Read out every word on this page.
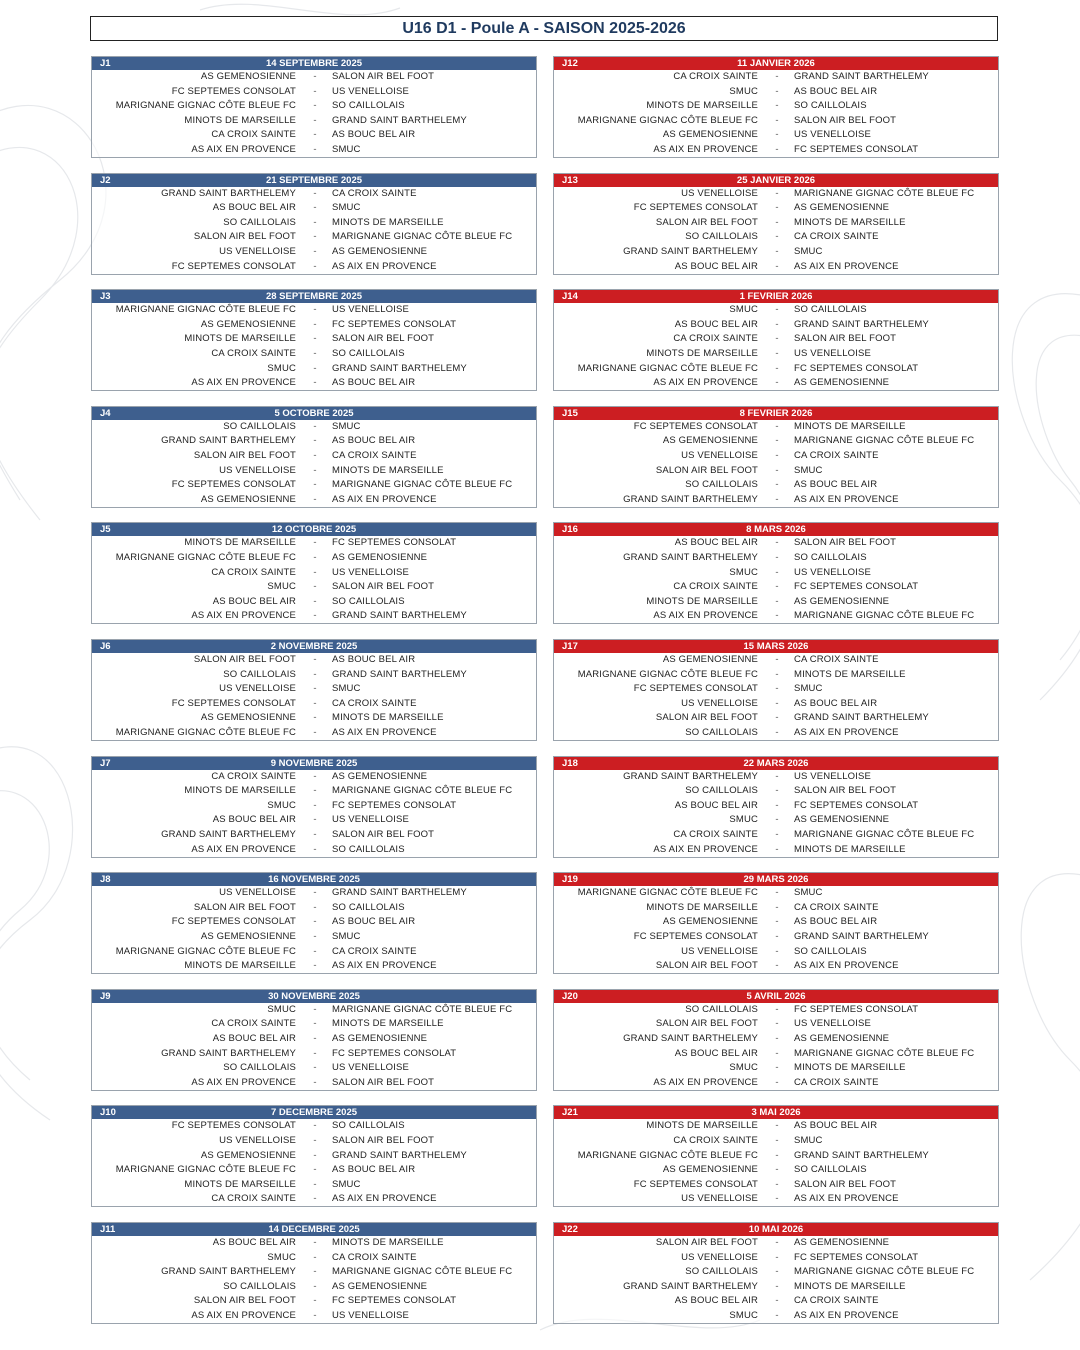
U16 D1 - Poule A - SAISON 2025-2026
14 SEPTEMBRE 2025
J1
AS GEMENOSIENNE	-	SALON AIR BEL FOOT
FC SEPTEMES CONSOLAT	-	US VENELLOISE
MARIGNANE GIGNAC CÔTE BLEUE FC	-	SO CAILLOLAIS
MINOTS DE MARSEILLE	-	GRAND SAINT BARTHELEMY
CA CROIX SAINTE	-	AS BOUC BEL AIR
AS AIX EN PROVENCE	-	SMUC
21 SEPTEMBRE 2025
J2
GRAND SAINT BARTHELEMY	-	CA CROIX SAINTE
AS BOUC BEL AIR	-	SMUC
SO CAILLOLAIS	-	MINOTS DE MARSEILLE
SALON AIR BEL FOOT	-	MARIGNANE GIGNAC CÔTE BLEUE FC
US VENELLOISE	-	AS GEMENOSIENNE
FC SEPTEMES CONSOLAT	-	AS AIX EN PROVENCE
28 SEPTEMBRE 2025
J3
MARIGNANE GIGNAC CÔTE BLEUE FC	-	US VENELLOISE
AS GEMENOSIENNE	-	FC SEPTEMES CONSOLAT
MINOTS DE MARSEILLE	-	SALON AIR BEL FOOT
CA CROIX SAINTE	-	SO CAILLOLAIS
SMUC	-	GRAND SAINT BARTHELEMY
AS AIX EN PROVENCE	-	AS BOUC BEL AIR
5 OCTOBRE 2025
J4
SO CAILLOLAIS	-	SMUC
GRAND SAINT BARTHELEMY	-	AS BOUC BEL AIR
SALON AIR BEL FOOT	-	CA CROIX SAINTE
US VENELLOISE	-	MINOTS DE MARSEILLE
FC SEPTEMES CONSOLAT	-	MARIGNANE GIGNAC CÔTE BLEUE FC
AS GEMENOSIENNE	-	AS AIX EN PROVENCE
12 OCTOBRE 2025
J5
MINOTS DE MARSEILLE	-	FC SEPTEMES CONSOLAT
MARIGNANE GIGNAC CÔTE BLEUE FC	-	AS GEMENOSIENNE
CA CROIX SAINTE	-	US VENELLOISE
SMUC	-	SALON AIR BEL FOOT
AS BOUC BEL AIR	-	SO CAILLOLAIS
AS AIX EN PROVENCE	-	GRAND SAINT BARTHELEMY
2 NOVEMBRE 2025
J6
SALON AIR BEL FOOT	-	AS BOUC BEL AIR
SO CAILLOLAIS	-	GRAND SAINT BARTHELEMY
US VENELLOISE	-	SMUC
FC SEPTEMES CONSOLAT	-	CA CROIX SAINTE
AS GEMENOSIENNE	-	MINOTS DE MARSEILLE
MARIGNANE GIGNAC CÔTE BLEUE FC	-	AS AIX EN PROVENCE
9 NOVEMBRE 2025
J7
CA CROIX SAINTE	-	AS GEMENOSIENNE
MINOTS DE MARSEILLE	-	MARIGNANE GIGNAC CÔTE BLEUE FC
SMUC	-	FC SEPTEMES CONSOLAT
AS BOUC BEL AIR	-	US VENELLOISE
GRAND SAINT BARTHELEMY	-	SALON AIR BEL FOOT
AS AIX EN PROVENCE	-	SO CAILLOLAIS
16 NOVEMBRE 2025
J8
US VENELLOISE	-	GRAND SAINT BARTHELEMY
SALON AIR BEL FOOT	-	SO CAILLOLAIS
FC SEPTEMES CONSOLAT	-	AS BOUC BEL AIR
AS GEMENOSIENNE	-	SMUC
MARIGNANE GIGNAC CÔTE BLEUE FC	-	CA CROIX SAINTE
MINOTS DE MARSEILLE	-	AS AIX EN PROVENCE
30 NOVEMBRE 2025
J9
SMUC	-	MARIGNANE GIGNAC CÔTE BLEUE FC
CA CROIX SAINTE	-	MINOTS DE MARSEILLE
AS BOUC BEL AIR	-	AS GEMENOSIENNE
GRAND SAINT BARTHELEMY	-	FC SEPTEMES CONSOLAT
SO CAILLOLAIS	-	US VENELLOISE
AS AIX EN PROVENCE	-	SALON AIR BEL FOOT
7 DECEMBRE 2025
J10
FC SEPTEMES CONSOLAT	-	SO CAILLOLAIS
US VENELLOISE	-	SALON AIR BEL FOOT
AS GEMENOSIENNE	-	GRAND SAINT BARTHELEMY
MARIGNANE GIGNAC CÔTE BLEUE FC	-	AS BOUC BEL AIR
MINOTS DE MARSEILLE	-	SMUC
CA CROIX SAINTE	-	AS AIX EN PROVENCE
14 DECEMBRE 2025
J11
AS BOUC BEL AIR	-	MINOTS DE MARSEILLE
SMUC	-	CA CROIX SAINTE
GRAND SAINT BARTHELEMY	-	MARIGNANE GIGNAC CÔTE BLEUE FC
SO CAILLOLAIS	-	AS GEMENOSIENNE
SALON AIR BEL FOOT	-	FC SEPTEMES CONSOLAT
AS AIX EN PROVENCE	-	US VENELLOISE
11 JANVIER 2026
J12
CA CROIX SAINTE	-	GRAND SAINT BARTHELEMY
SMUC	-	AS BOUC BEL AIR
MINOTS DE MARSEILLE	-	SO CAILLOLAIS
MARIGNANE GIGNAC CÔTE BLEUE FC	-	SALON AIR BEL FOOT
AS GEMENOSIENNE	-	US VENELLOISE
AS AIX EN PROVENCE	-	FC SEPTEMES CONSOLAT
25 JANVIER 2026
J13
US VENELLOISE	-	MARIGNANE GIGNAC CÔTE BLEUE FC
FC SEPTEMES CONSOLAT	-	AS GEMENOSIENNE
SALON AIR BEL FOOT	-	MINOTS DE MARSEILLE
SO CAILLOLAIS	-	CA CROIX SAINTE
GRAND SAINT BARTHELEMY	-	SMUC
AS BOUC BEL AIR	-	AS AIX EN PROVENCE
1 FEVRIER 2026
J14
SMUC	-	SO CAILLOLAIS
AS BOUC BEL AIR	-	GRAND SAINT BARTHELEMY
CA CROIX SAINTE	-	SALON AIR BEL FOOT
MINOTS DE MARSEILLE	-	US VENELLOISE
MARIGNANE GIGNAC CÔTE BLEUE FC	-	FC SEPTEMES CONSOLAT
AS AIX EN PROVENCE	-	AS GEMENOSIENNE
8 FEVRIER 2026
J15
FC SEPTEMES CONSOLAT	-	MINOTS DE MARSEILLE
AS GEMENOSIENNE	-	MARIGNANE GIGNAC CÔTE BLEUE FC
US VENELLOISE	-	CA CROIX SAINTE
SALON AIR BEL FOOT	-	SMUC
SO CAILLOLAIS	-	AS BOUC BEL AIR
GRAND SAINT BARTHELEMY	-	AS AIX EN PROVENCE
8 MARS 2026
J16
AS BOUC BEL AIR	-	SALON AIR BEL FOOT
GRAND SAINT BARTHELEMY	-	SO CAILLOLAIS
SMUC	-	US VENELLOISE
CA CROIX SAINTE	-	FC SEPTEMES CONSOLAT
MINOTS DE MARSEILLE	-	AS GEMENOSIENNE
AS AIX EN PROVENCE	-	MARIGNANE GIGNAC CÔTE BLEUE FC
15 MARS 2026
J17
AS GEMENOSIENNE	-	CA CROIX SAINTE
MARIGNANE GIGNAC CÔTE BLEUE FC	-	MINOTS DE MARSEILLE
FC SEPTEMES CONSOLAT	-	SMUC
US VENELLOISE	-	AS BOUC BEL AIR
SALON AIR BEL FOOT	-	GRAND SAINT BARTHELEMY
SO CAILLOLAIS	-	AS AIX EN PROVENCE
22 MARS 2026
J18
GRAND SAINT BARTHELEMY	-	US VENELLOISE
SO CAILLOLAIS	-	SALON AIR BEL FOOT
AS BOUC BEL AIR	-	FC SEPTEMES CONSOLAT
SMUC	-	AS GEMENOSIENNE
CA CROIX SAINTE	-	MARIGNANE GIGNAC CÔTE BLEUE FC
AS AIX EN PROVENCE	-	MINOTS DE MARSEILLE
29 MARS 2026
J19
MARIGNANE GIGNAC CÔTE BLEUE FC	-	SMUC
MINOTS DE MARSEILLE	-	CA CROIX SAINTE
AS GEMENOSIENNE	-	AS BOUC BEL AIR
FC SEPTEMES CONSOLAT	-	GRAND SAINT BARTHELEMY
US VENELLOISE	-	SO CAILLOLAIS
SALON AIR BEL FOOT	-	AS AIX EN PROVENCE
5 AVRIL 2026
J20
SO CAILLOLAIS	-	FC SEPTEMES CONSOLAT
SALON AIR BEL FOOT	-	US VENELLOISE
GRAND SAINT BARTHELEMY	-	AS GEMENOSIENNE
AS BOUC BEL AIR	-	MARIGNANE GIGNAC CÔTE BLEUE FC
SMUC	-	MINOTS DE MARSEILLE
AS AIX EN PROVENCE	-	CA CROIX SAINTE
3 MAI 2026
J21
MINOTS DE MARSEILLE	-	AS BOUC BEL AIR
CA CROIX SAINTE	-	SMUC
MARIGNANE GIGNAC CÔTE BLEUE FC	-	GRAND SAINT BARTHELEMY
AS GEMENOSIENNE	-	SO CAILLOLAIS
FC SEPTEMES CONSOLAT	-	SALON AIR BEL FOOT
US VENELLOISE	-	AS AIX EN PROVENCE
10 MAI 2026
J22
SALON AIR BEL FOOT	-	AS GEMENOSIENNE
US VENELLOISE	-	FC SEPTEMES CONSOLAT
SO CAILLOLAIS	-	MARIGNANE GIGNAC CÔTE BLEUE FC
GRAND SAINT BARTHELEMY	-	MINOTS DE MARSEILLE
AS BOUC BEL AIR	-	CA CROIX SAINTE
SMUC	-	AS AIX EN PROVENCE
